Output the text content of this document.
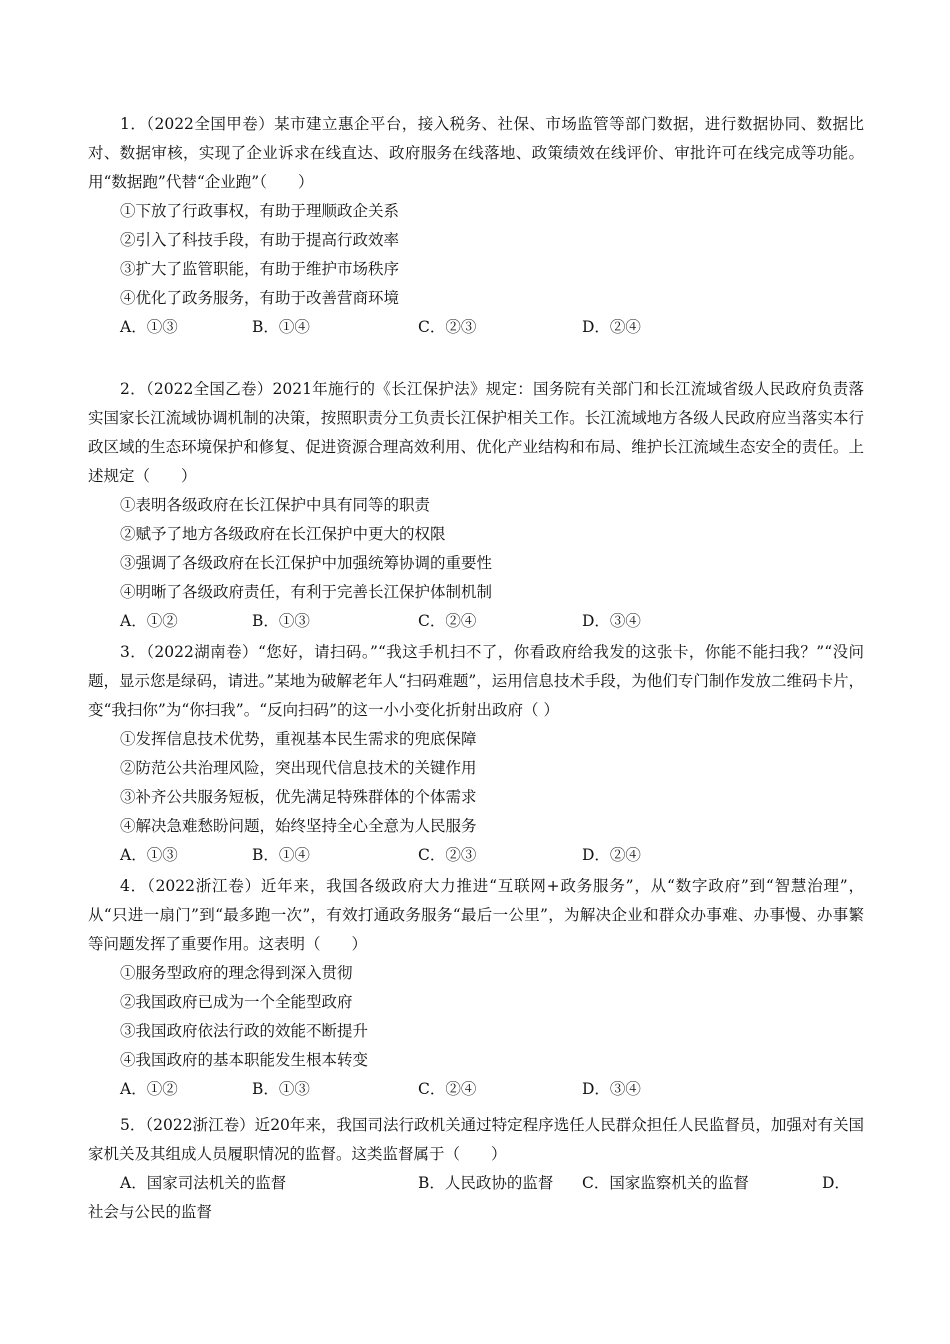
1．（2022全国甲卷）某市建立惠企平台，接入税务、社保、市场监管等部门数据，进行数据协同、数据比对、数据审核，实现了企业诉求在线直达、政府服务在线落地、政策绩效在线评价、审批许可在线完成等功能。用“数据跑”代替“企业跑”（　　）

①下放了行政事权，有助于理顺政企关系

②引入了科技手段，有助于提高行政效率

③扩大了监管职能，有助于维护市场秩序

④优化了政务服务，有助于改善营商环境

A．①③	B．①④	C．②③	D．②④

2．（2022全国乙卷）2021年施行的《长江保护法》规定：国务院有关部门和长江流域省级人民政府负责落实国家长江流域协调机制的决策，按照职责分工负责长江保护相关工作。长江流域地方各级人民政府应当落实本行政区域的生态环境保护和修复、促进资源合理高效利用、优化产业结构和布局、维护长江流域生态安全的责任。上述规定（　　）

①表明各级政府在长江保护中具有同等的职责

②赋予了地方各级政府在长江保护中更大的权限

③强调了各级政府在长江保护中加强统筹协调的重要性

④明晰了各级政府责任，有利于完善长江保护体制机制

A．①②	B．①③	C．②④	D．③④

3．（2022湖南卷）“您好，请扫码。”“我这手机扫不了，你看政府给我发的这张卡，你能不能扫我？”“没问题，显示您是绿码，请进。”某地为破解老年人“扫码难题”，运用信息技术手段，为他们专门制作发放二维码卡片，变“我扫你”为“你扫我”。“反向扫码”的这一小小变化折射出政府（ ）

①发挥信息技术优势，重视基本民生需求的兜底保障

②防范公共治理风险，突出现代信息技术的关键作用

③补齐公共服务短板，优先满足特殊群体的个体需求

④解决急难愁盼问题，始终坚持全心全意为人民服务

A．①③	B．①④	C．②③	D．②④

4．（2022浙江卷）近年来，我国各级政府大力推进“互联网+政务服务”，从“数字政府”到“智慧治理”，从“只进一扇门”到“最多跑一次”，有效打通政务服务“最后一公里”，为解决企业和群众办事难、办事慢、办事繁等问题发挥了重要作用。这表明（　　）

①服务型政府的理念得到深入贯彻

②我国政府已成为一个全能型政府

③我国政府依法行政的效能不断提升

④我国政府的基本职能发生根本转变

A．①②	B．①③	C．②④	D．③④

5．（2022浙江卷）近20年来，我国司法行政机关通过特定程序选任人民群众担任人民监督员，加强对有关国家机关及其组成人员履职情况的监督。这类监督属于（　　）

A．国家司法机关的监督	B．人民政协的监督 C．国家监察机关的监督	D．
社会与公民的监督
